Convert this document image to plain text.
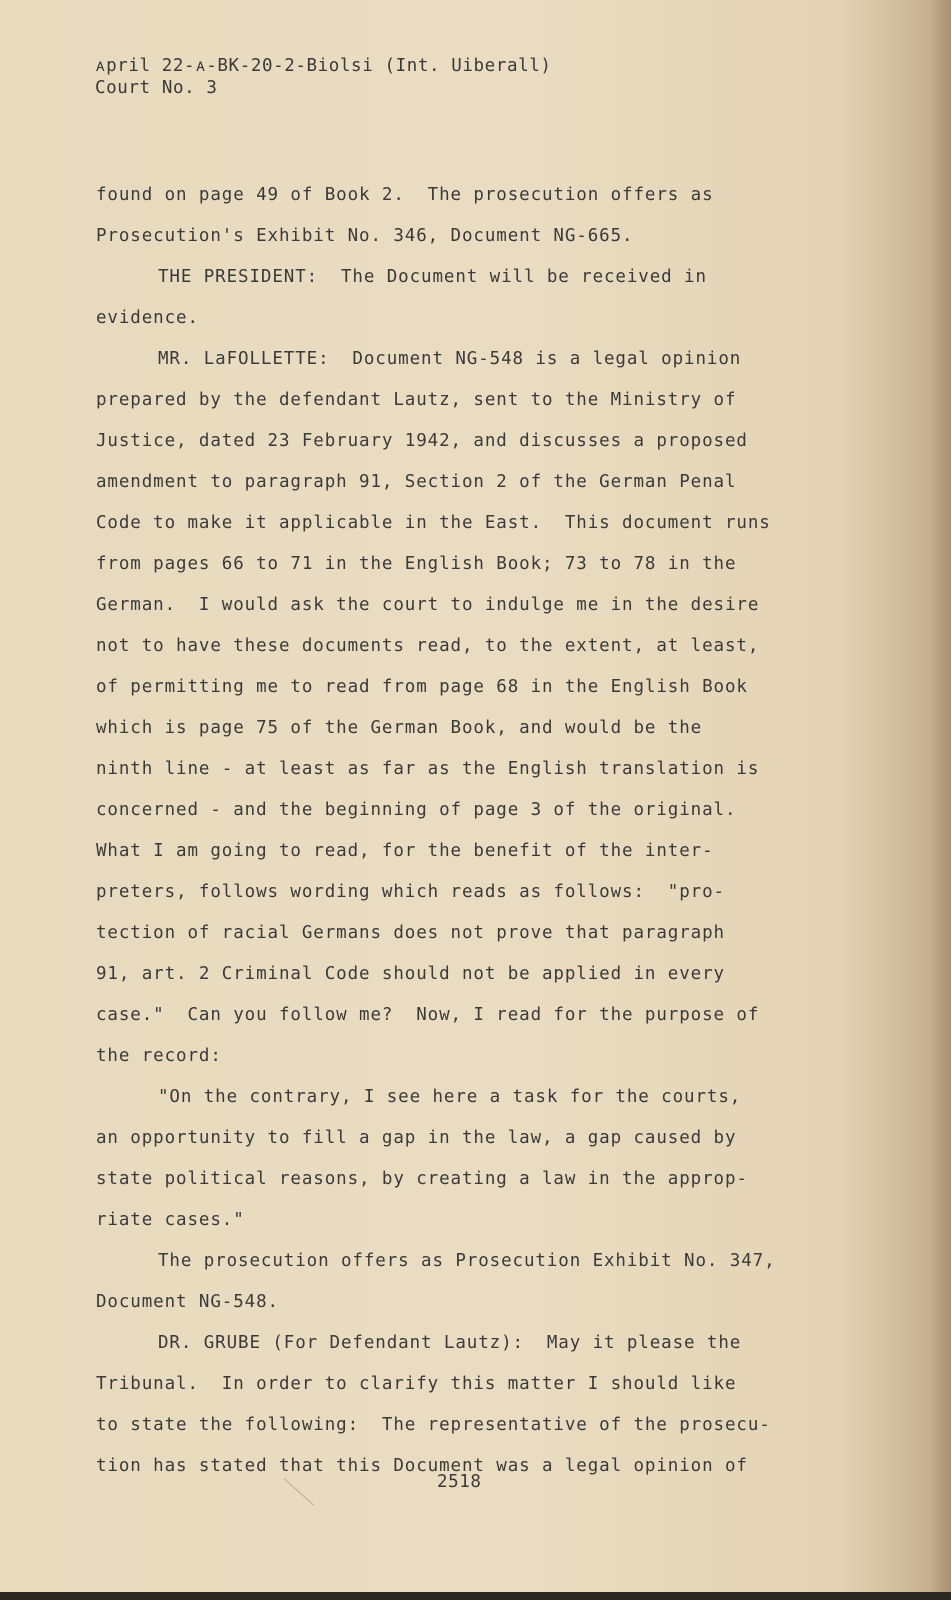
ᴀpril 22-ᴀ-BK-20-2-Biolsi (Int. Uiberall)
Court No. 3
found on page 49 of Book 2.  The prosecution offers as
Prosecution's Exhibit No. 346, Document NG-665.
THE PRESIDENT:  The Document will be received in
evidence.
MR. LaFOLLETTE:  Document NG-548 is a legal opinion
prepared by the defendant Lautz, sent to the Ministry of
Justice, dated 23 February 1942, and discusses a proposed
amendment to paragraph 91, Section 2 of the German Penal
Code to make it applicable in the East.  This document runs
from pages 66 to 71 in the English Book; 73 to 78 in the
German.  I would ask the court to indulge me in the desire
not to have these documents read, to the extent, at least,
of permitting me to read from page 68 in the English Book
which is page 75 of the German Book, and would be the
ninth line - at least as far as the English translation is
concerned - and the beginning of page 3 of the original.
What I am going to read, for the benefit of the inter-
preters, follows wording which reads as follows:  "pro-
tection of racial Germans does not prove that paragraph
91, art. 2 Criminal Code should not be applied in every
case."  Can you follow me?  Now, I read for the purpose of
the record:
"On the contrary, I see here a task for the courts,
an opportunity to fill a gap in the law, a gap caused by
state political reasons, by creating a law in the approp-
riate cases."
The prosecution offers as Prosecution Exhibit No. 347,
Document NG-548.
DR. GRUBE (For Defendant Lautz):  May it please the
Tribunal.  In order to clarify this matter I should like
to state the following:  The representative of the prosecu-
tion has stated that this Document was a legal opinion of
2518
